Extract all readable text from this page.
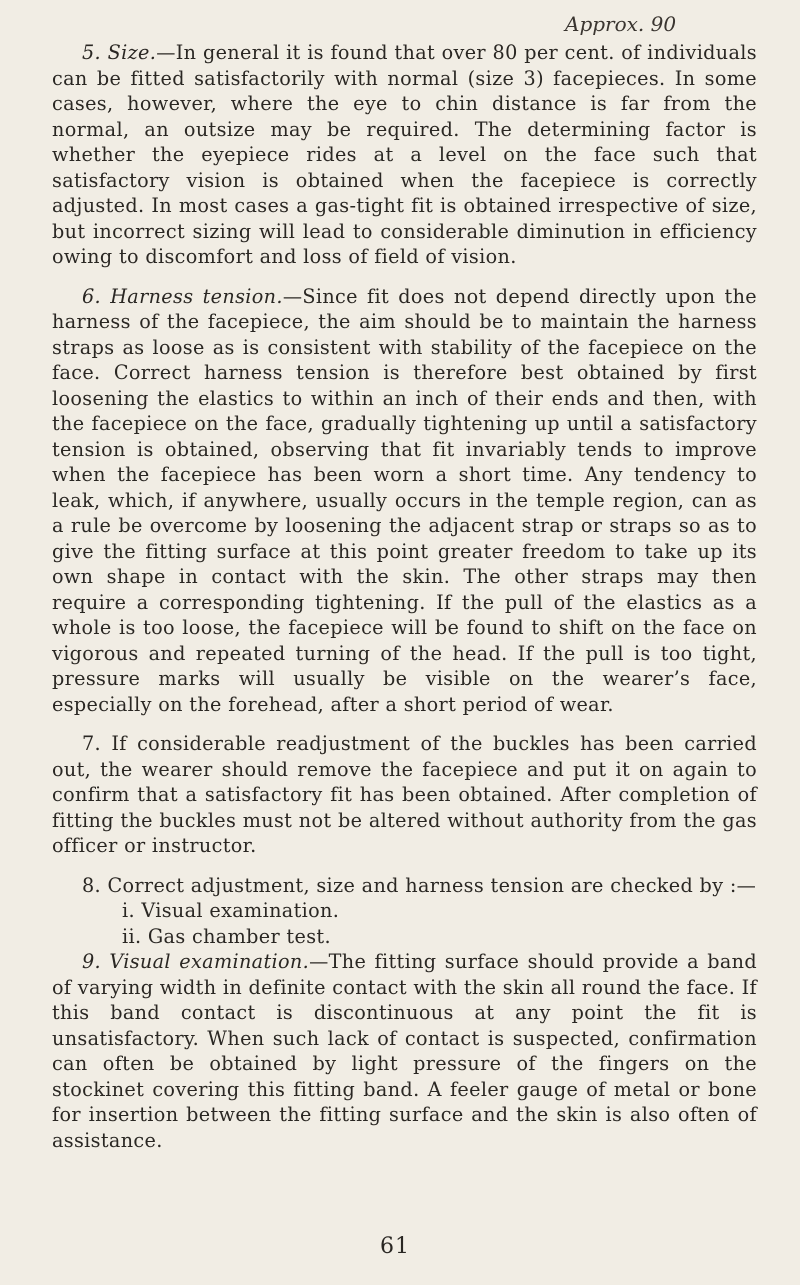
Approx. 90

5. Size.—In general it is found that over 80 per cent. of individuals can be fitted satisfactorily with normal (size 3) facepieces. In some cases, however, where the eye to chin distance is far from the normal, an outsize may be required. The determining factor is whether the eyepiece rides at a level on the face such that satisfactory vision is obtained when the facepiece is correctly adjusted. In most cases a gas-tight fit is obtained irrespective of size, but incorrect sizing will lead to considerable diminution in efficiency owing to discomfort and loss of field of vision.

6. Harness tension.—Since fit does not depend directly upon the harness of the facepiece, the aim should be to maintain the harness straps as loose as is consistent with stability of the facepiece on the face. Correct harness tension is therefore best obtained by first loosening the elastics to within an inch of their ends and then, with the facepiece on the face, gradually tightening up until a satisfactory tension is obtained, observing that fit invariably tends to improve when the facepiece has been worn a short time. Any tendency to leak, which, if anywhere, usually occurs in the temple region, can as a rule be overcome by loosening the adjacent strap or straps so as to give the fitting surface at this point greater freedom to take up its own shape in contact with the skin. The other straps may then require a corresponding tightening. If the pull of the elastics as a whole is too loose, the facepiece will be found to shift on the face on vigorous and repeated turning of the head. If the pull is too tight, pressure marks will usually be visible on the wearer’s face, especially on the forehead, after a short period of wear.

7. If considerable readjustment of the buckles has been carried out, the wearer should remove the facepiece and put it on again to confirm that a satisfactory fit has been obtained. After completion of fitting the buckles must not be altered without authority from the gas officer or instructor.

8. Correct adjustment, size and harness tension are checked by :—

i. Visual examination.
ii. Gas chamber test.

9. Visual examination.—The fitting surface should provide a band of varying width in definite contact with the skin all round the face. If this band contact is discontinuous at any point the fit is unsatisfactory. When such lack of contact is suspected, confirmation can often be obtained by light pressure of the fingers on the stockinet covering this fitting band. A feeler gauge of metal or bone for insertion between the fitting surface and the skin is also often of assistance.

61
